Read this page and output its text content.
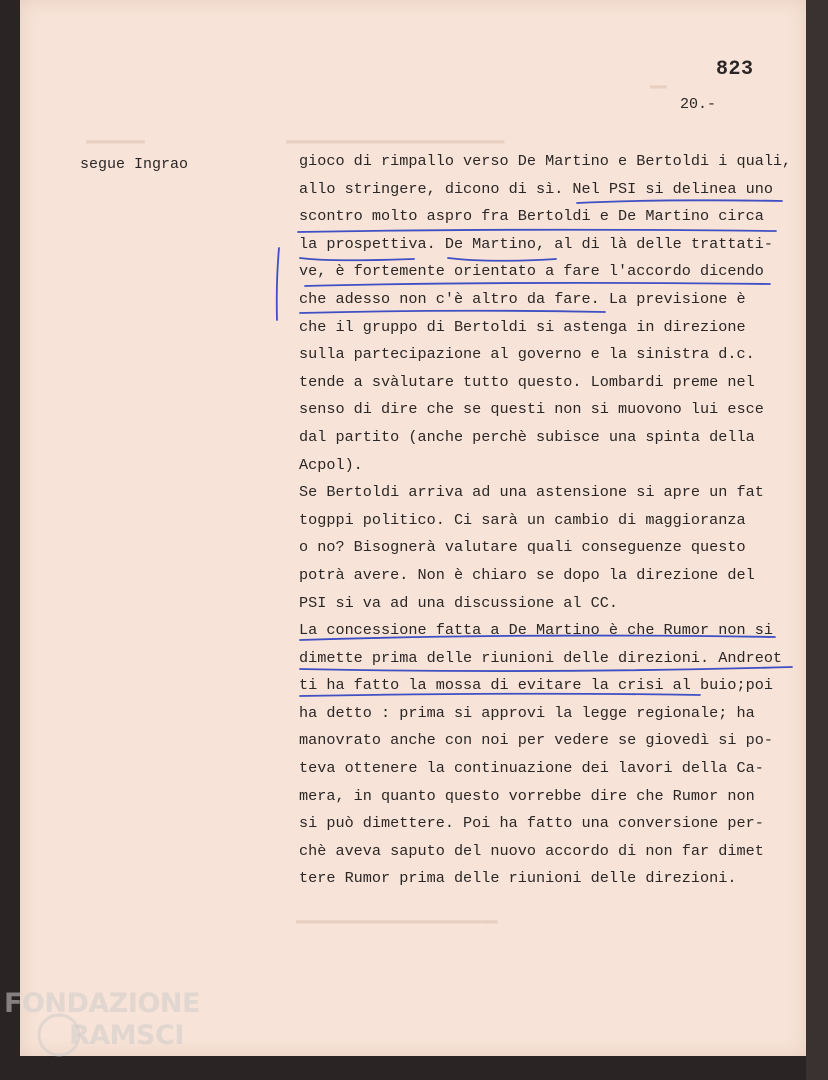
▬▬▬▬▬▬▬	▬▬▬▬▬▬▬▬▬▬▬▬▬▬▬▬▬▬▬▬▬▬▬▬▬▬
▬▬▬▬▬▬▬▬▬▬▬▬▬▬▬▬▬▬▬▬▬▬▬▬
▬▬
823
20.-
segue Ingrao	gioco di rimpallo verso De Martino e Bertoldi i quali,
allo stringere, dicono di sì. Nel PSI si delinea uno
scontro molto aspro fra Bertoldi e De Martino circa
la prospettiva. De Martino, al di là delle trattati-
ve, è fortemente orientato a fare l'accordo dicendo
che adesso non c'è altro da fare. La previsione è
che il gruppo di Bertoldi si astenga in direzione
sulla partecipazione al governo e la sinistra d.c.
tende a svàlutare tutto questo. Lombardi preme nel
senso di dire che se questi non si muovono lui esce
dal partito (anche perchè subisce una spinta della
Acpol).
Se Bertoldi arriva ad una astensione si apre un fat
togppi politico. Ci sarà un cambio di maggioranza
o no? Bisognerà valutare quali conseguenze questo
potrà avere. Non è chiaro se dopo la direzione del
PSI si va ad una discussione al CC.
La concessione fatta a De Martino è che Rumor non si
dimette prima delle riunioni delle direzioni. Andreot
ti ha fatto la mossa di evitare la crisi al buio;poi
ha detto : prima si approvi la legge regionale; ha
manovrato anche con noi per vedere se giovedì si po-
teva ottenere la continuazione dei lavori della Ca-
mera, in quanto questo vorrebbe dire che Rumor non
si può dimettere. Poi ha fatto una conversione per-
chè aveva saputo del nuovo accordo di non far dimet
tere Rumor prima delle riunioni delle direzioni.
FONDAZIONE
RAMSCI
